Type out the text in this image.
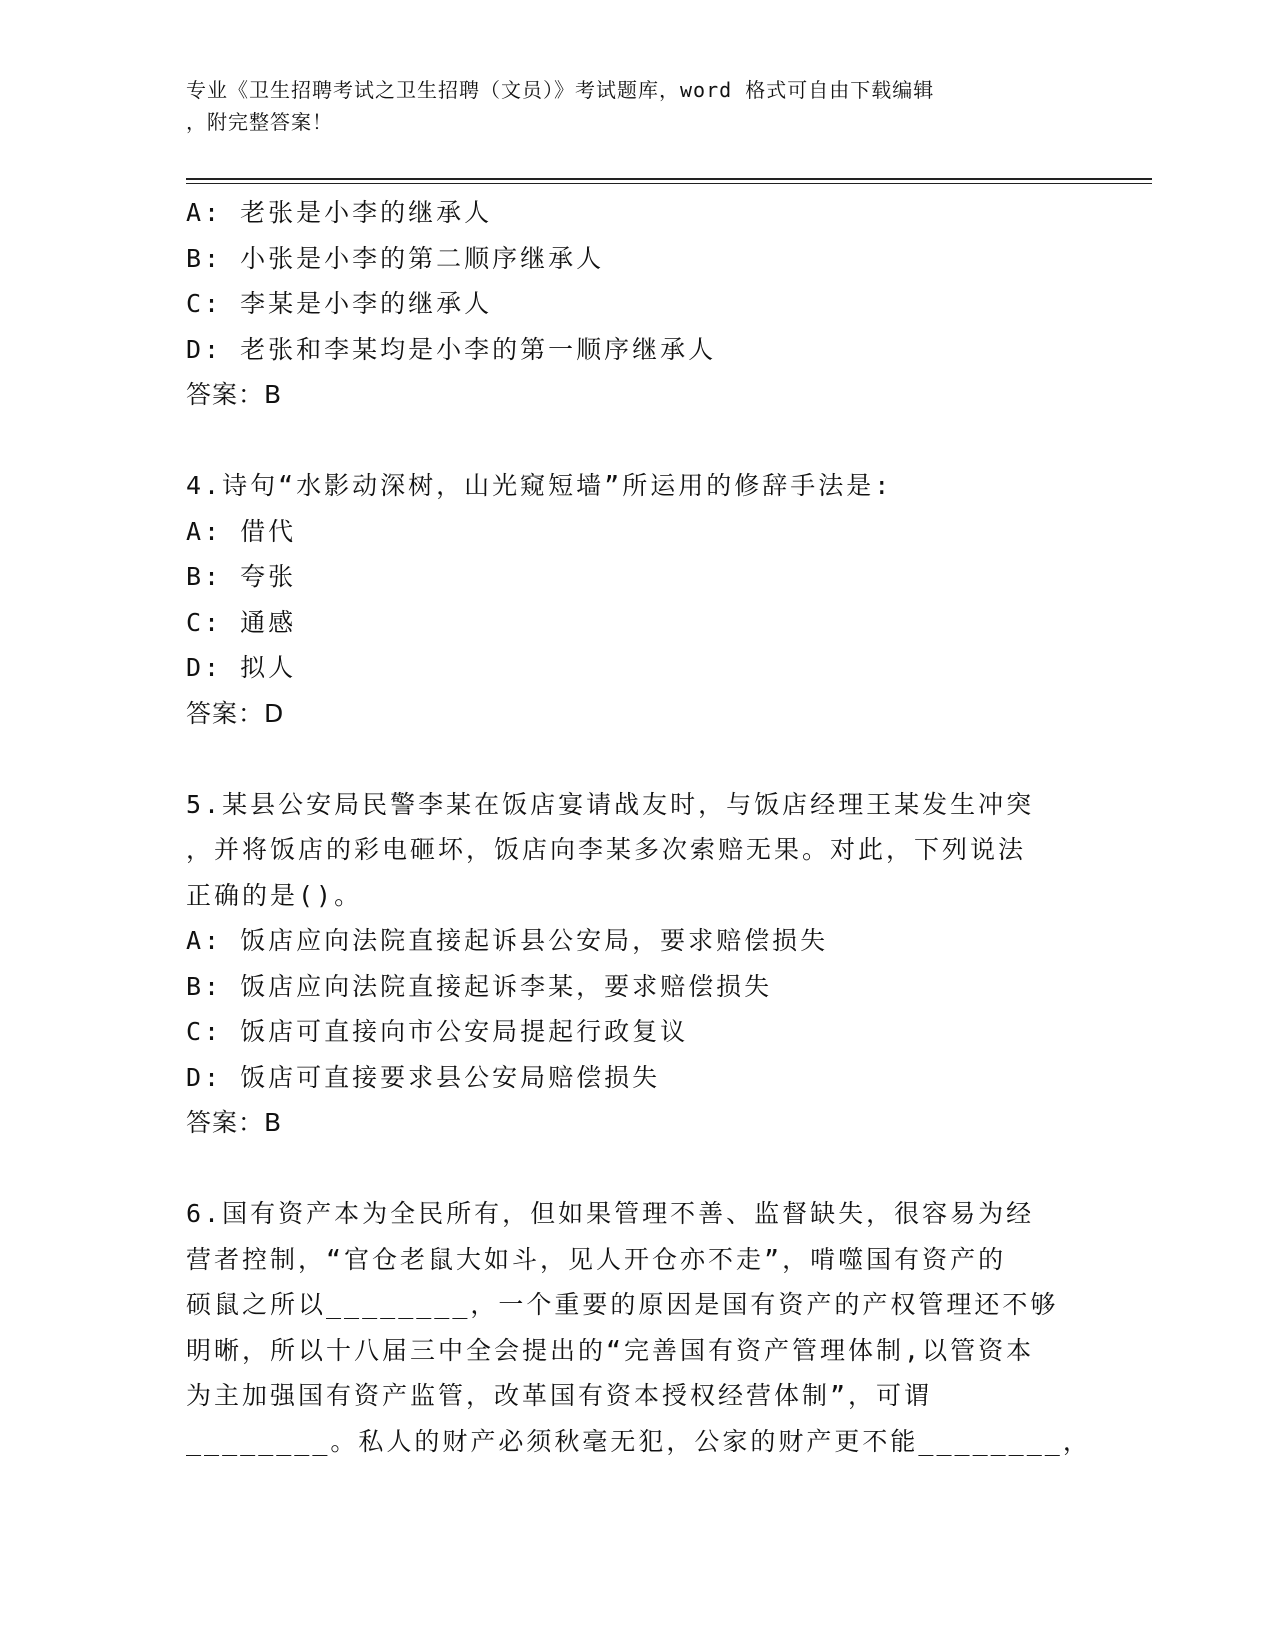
专业《卫生招聘考试之卫生招聘（文员）》考试题库，word 格式可自由下载编辑
，附完整答案！
A: 老张是小李的继承人
B: 小张是小李的第二顺序继承人
C: 李某是小李的继承人
D: 老张和李某均是小李的第一顺序继承人
答案：B
4.诗句“水影动深树，山光窥短墙”所运用的修辞手法是:
A: 借代
B: 夸张
C: 通感
D: 拟人
答案：D
5.某县公安局民警李某在饭店宴请战友时，与饭店经理王某发生冲突
，并将饭店的彩电砸坏，饭店向李某多次索赔无果。对此，下列说法
正确的是()。
A: 饭店应向法院直接起诉县公安局，要求赔偿损失
B: 饭店应向法院直接起诉李某，要求赔偿损失
C: 饭店可直接向市公安局提起行政复议
D: 饭店可直接要求县公安局赔偿损失
答案：B
6.国有资产本为全民所有，但如果管理不善、监督缺失，很容易为经
营者控制，“官仓老鼠大如斗，见人开仓亦不走”，啃噬国有资产的
硕鼠之所以________，一个重要的原因是国有资产的产权管理还不够
明晰，所以十八届三中全会提出的“完善国有资产管理体制,以管资本
为主加强国有资产监管，改革国有资本授权经营体制”，可谓
________。私人的财产必须秋毫无犯，公家的财产更不能________，
